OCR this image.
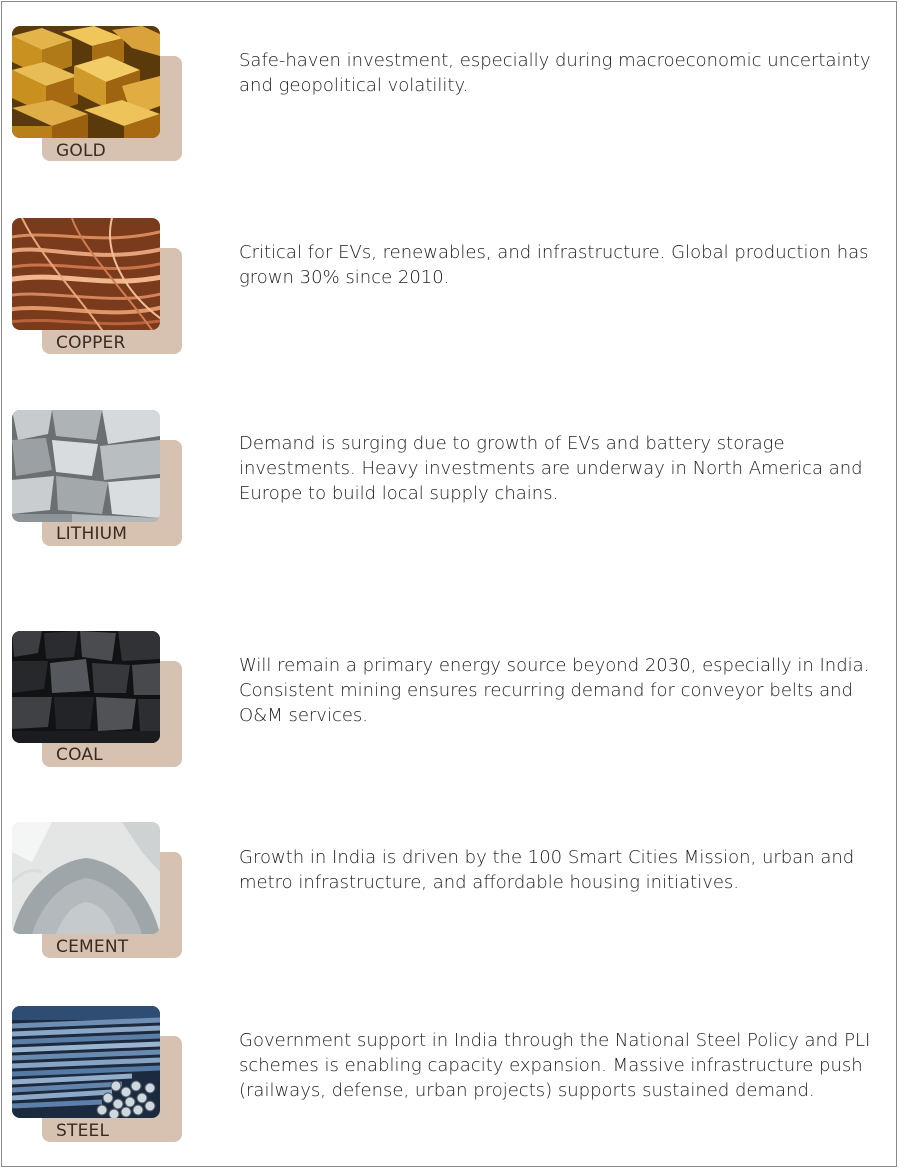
GOLD
Safe-haven investment, especially during macroeconomic uncertainty and geopolitical volatility.
COPPER
Critical for EVs, renewables, and infrastructure. Global production has grown 30% since 2010.
LITHIUM
Demand is surging due to growth of EVs and battery storage investments. Heavy investments are underway in North America and Europe to build local supply chains.
COAL
Will remain a primary energy source beyond 2030, especially in India. Consistent mining ensures recurring demand for conveyor belts and O&M services.
CEMENT
Growth in India is driven by the 100 Smart Cities Mission, urban and metro infrastructure, and affordable housing initiatives.
STEEL
Government support in India through the National Steel Policy and PLI schemes is enabling capacity expansion. Massive infrastructure push (railways, defense, urban projects) supports sustained demand.
